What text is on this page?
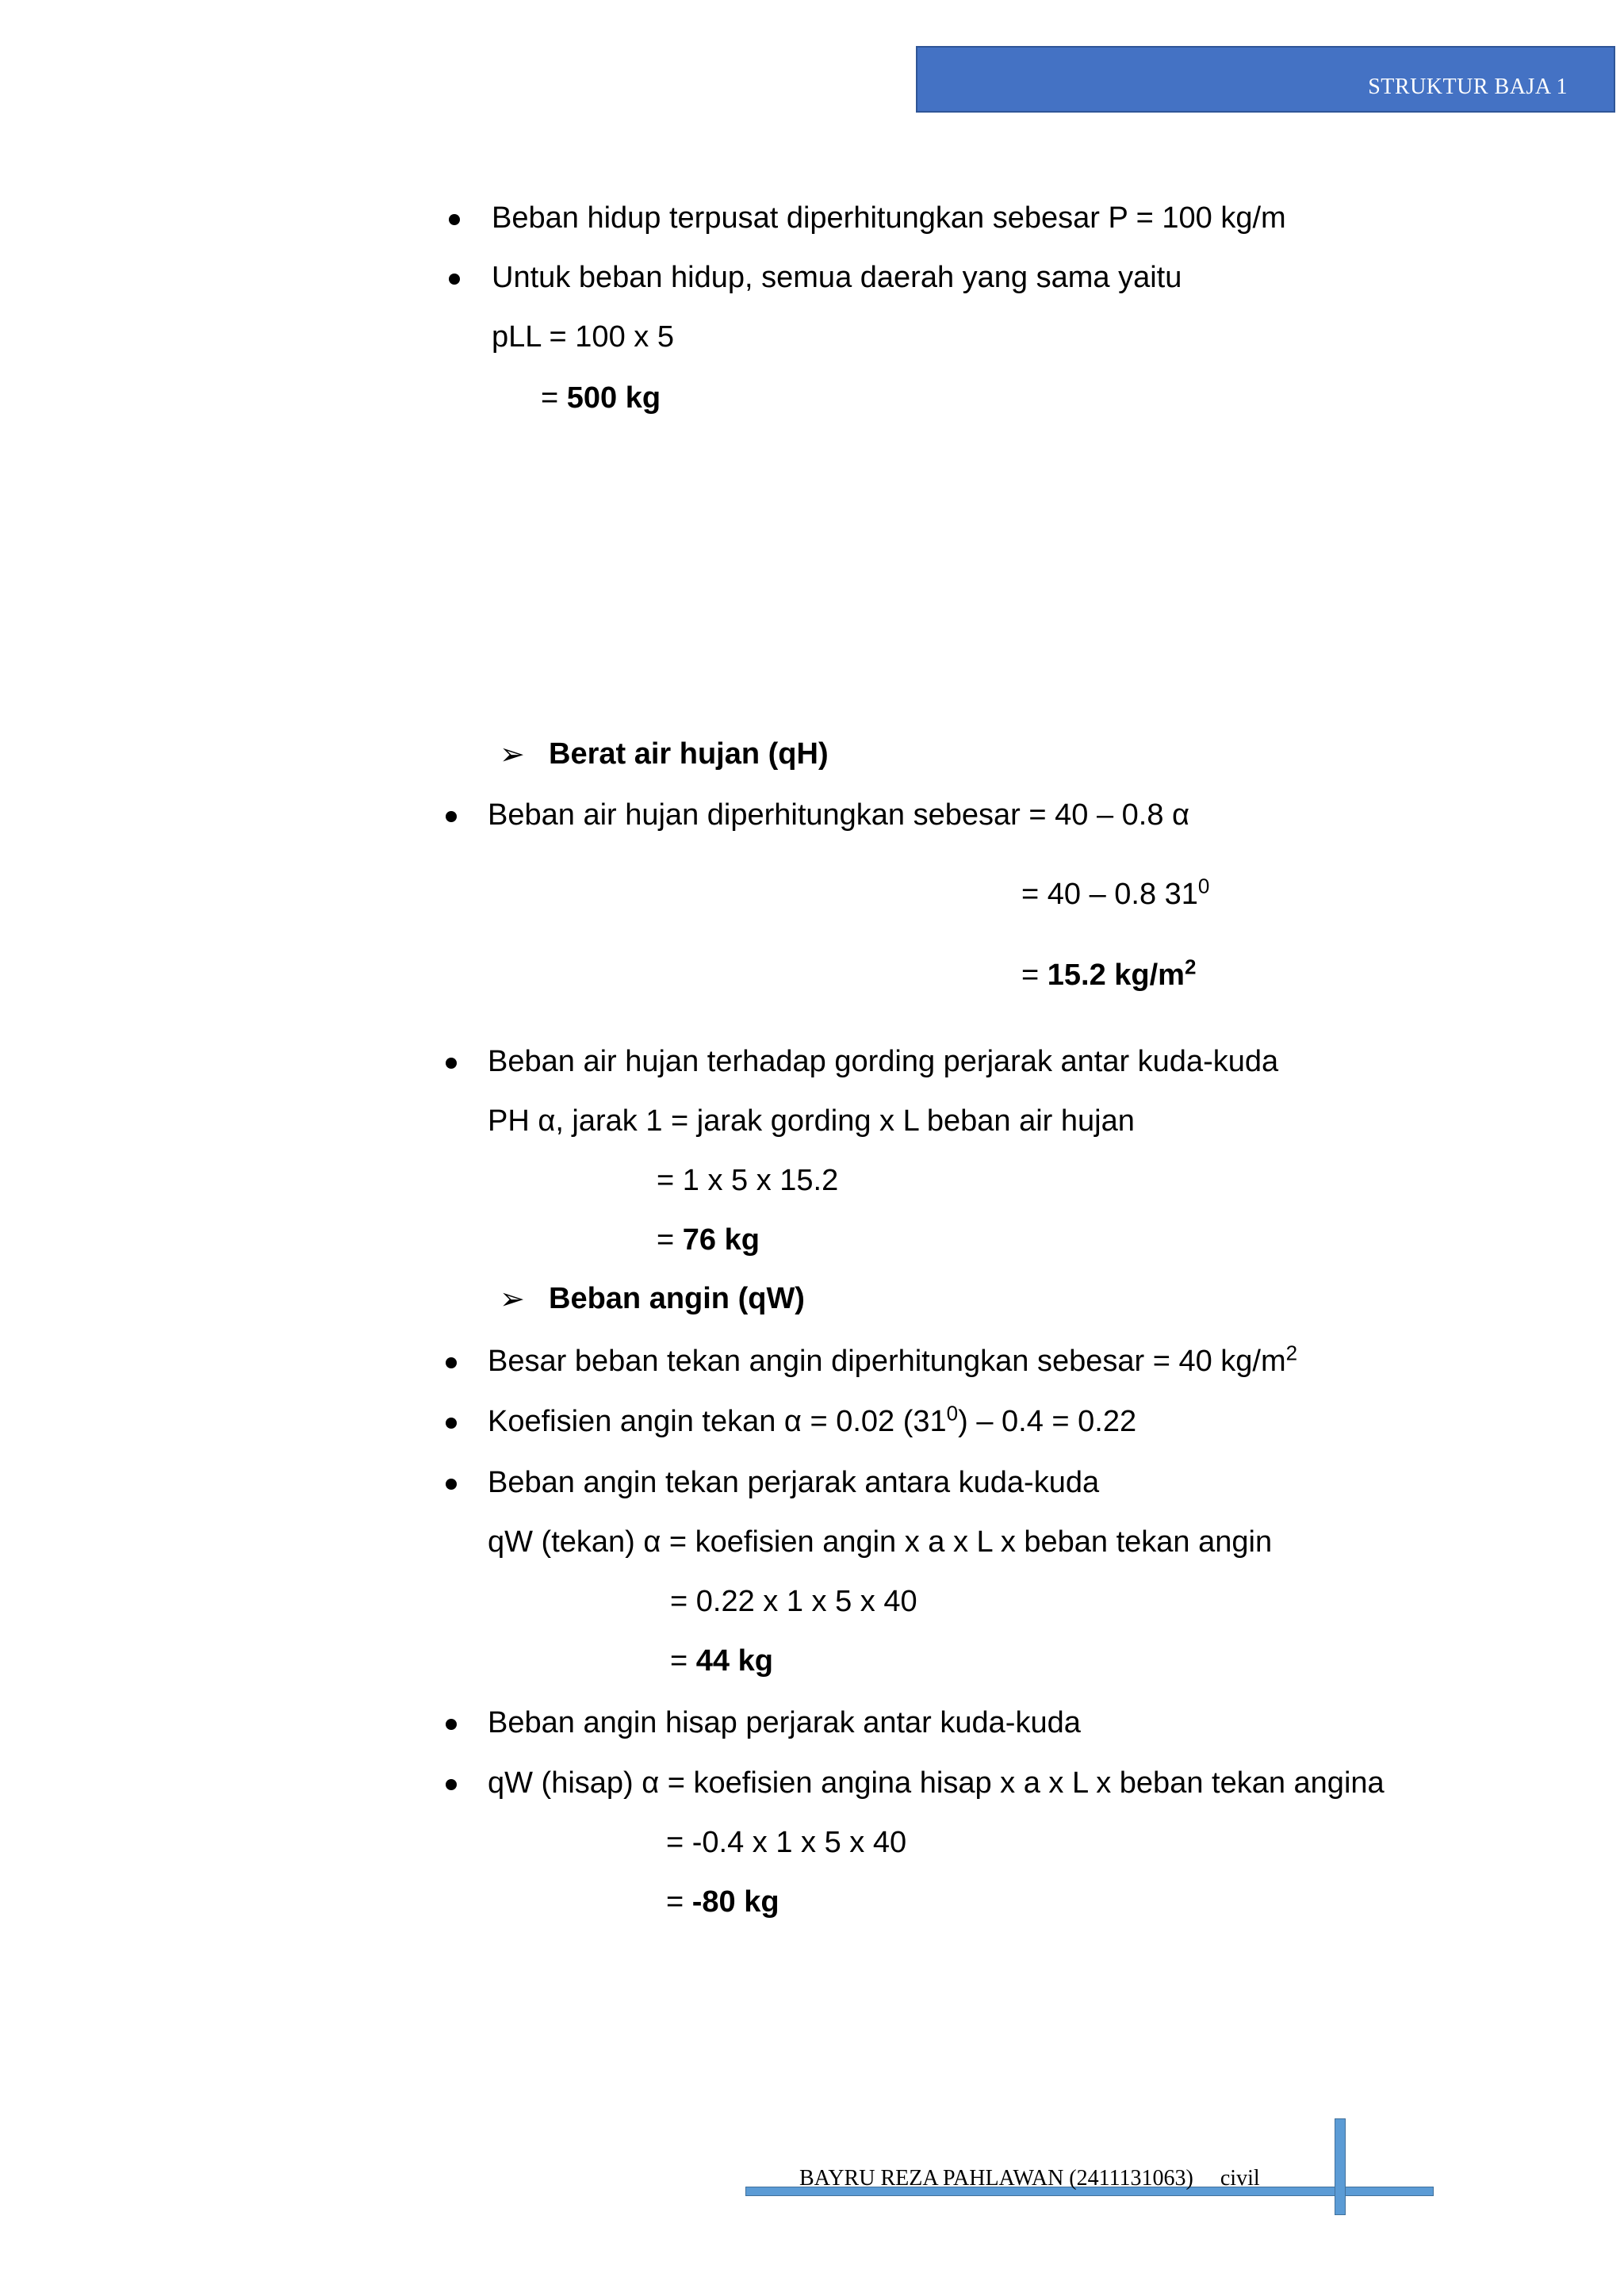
STRUKTUR BAJA 1
Beban hidup terpusat diperhitungkan sebesar P = 100 kg/m
Untuk beban hidup, semua daerah yang sama yaitu
pLL = 100 x 5
= 500 kg
➢ Berat air hujan (qH)
Beban air hujan diperhitungkan sebesar = 40 – 0.8 α
= 40 – 0.8 $31^0$
= 15.2 $kg/m^2$
Beban air hujan terhadap gording perjarak antar kuda-kuda
PH α, jarak 1 = jarak gording x L beban air hujan
= 1 x 5 x 15.2
= 76 kg
➢ Beban angin (qW)
Besar beban tekan angin diperhitungkan sebesar = 40 $kg/m^2$
Koefisien angin tekan α = 0.02 $(31^0) - 0.4 = 0.22$
Beban angin tekan perjarak antara kuda-kuda
qW (tekan) α = koefisien angin x a x L x beban tekan angin
= 0.22 x 1 x 5 x 40
= 44 kg
Beban angin hisap perjarak antar kuda-kuda
qW (hisap) α = koefisien angina hisap x a x L x beban tekan angina
= -0.4 x 1 x 5 x 40
= -80 kg
BAYRU REZA PAHLAWAN (2411131063) civil
